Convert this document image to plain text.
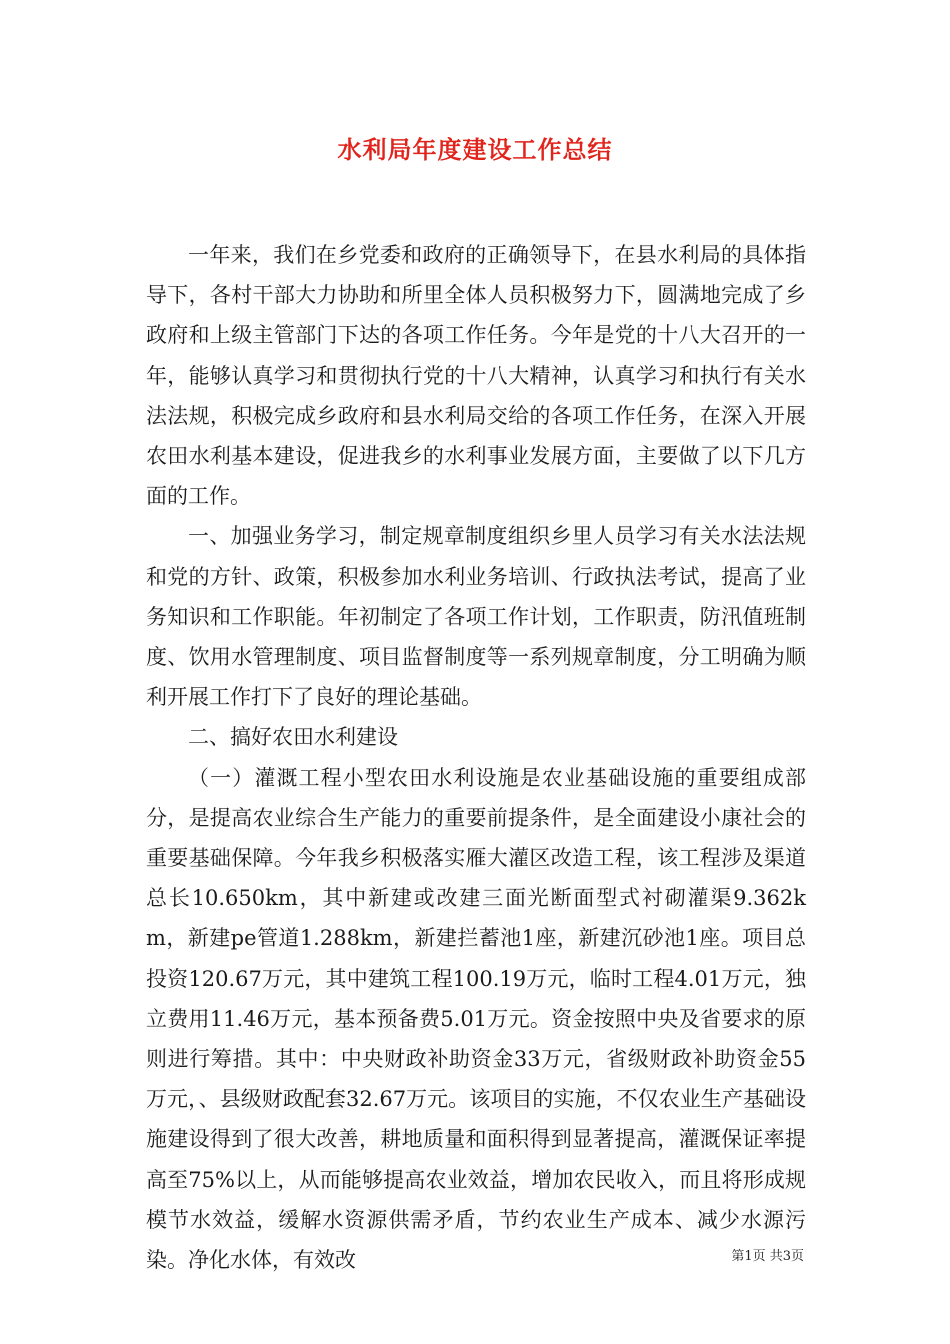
水利局年度建设工作总结

一年来，我们在乡党委和政府的正确领导下，在县水利局的具体指导下，各村干部大力协助和所里全体人员积极努力下，圆满地完成了乡政府和上级主管部门下达的各项工作任务。今年是党的十八大召开的一年，能够认真学习和贯彻执行党的十八大精神，认真学习和执行有关水法法规，积极完成乡政府和县水利局交给的各项工作任务，在深入开展农田水利基本建设，促进我乡的水利事业发展方面，主要做了以下几方面的工作。

一、加强业务学习，制定规章制度组织乡里人员学习有关水法法规和党的方针、政策，积极参加水利业务培训、行政执法考试，提高了业务知识和工作职能。年初制定了各项工作计划，工作职责，防汛值班制度、饮用水管理制度、项目监督制度等一系列规章制度，分工明确为顺利开展工作打下了良好的理论基础。

二、搞好农田水利建设

（一）灌溉工程小型农田水利设施是农业基础设施的重要组成部分，是提高农业综合生产能力的重要前提条件，是全面建设小康社会的重要基础保障。今年我乡积极落实雁大灌区改造工程，该工程涉及渠道总长10.650km，其中新建或改建三面光断面型式衬砌灌渠9.362km，新建pe管道1.288km，新建拦蓄池1座，新建沉砂池1座。项目总投资120.67万元，其中建筑工程100.19万元，临时工程4.01万元，独立费用11.46万元，基本预备费5.01万元。资金按照中央及省要求的原则进行筹措。其中：中央财政补助资金33万元，省级财政补助资金55万元，、县级财政配套32.67万元。该项目的实施，不仅农业生产基础设施建设得到了很大改善，耕地质量和面积得到显著提高，灌溉保证率提高至75%以上，从而能够提高农业效益，增加农民收入，而且将形成规模节水效益，缓解水资源供需矛盾，节约农业生产成本、减少水源污染。净化水体，有效改	第1页 共3页
